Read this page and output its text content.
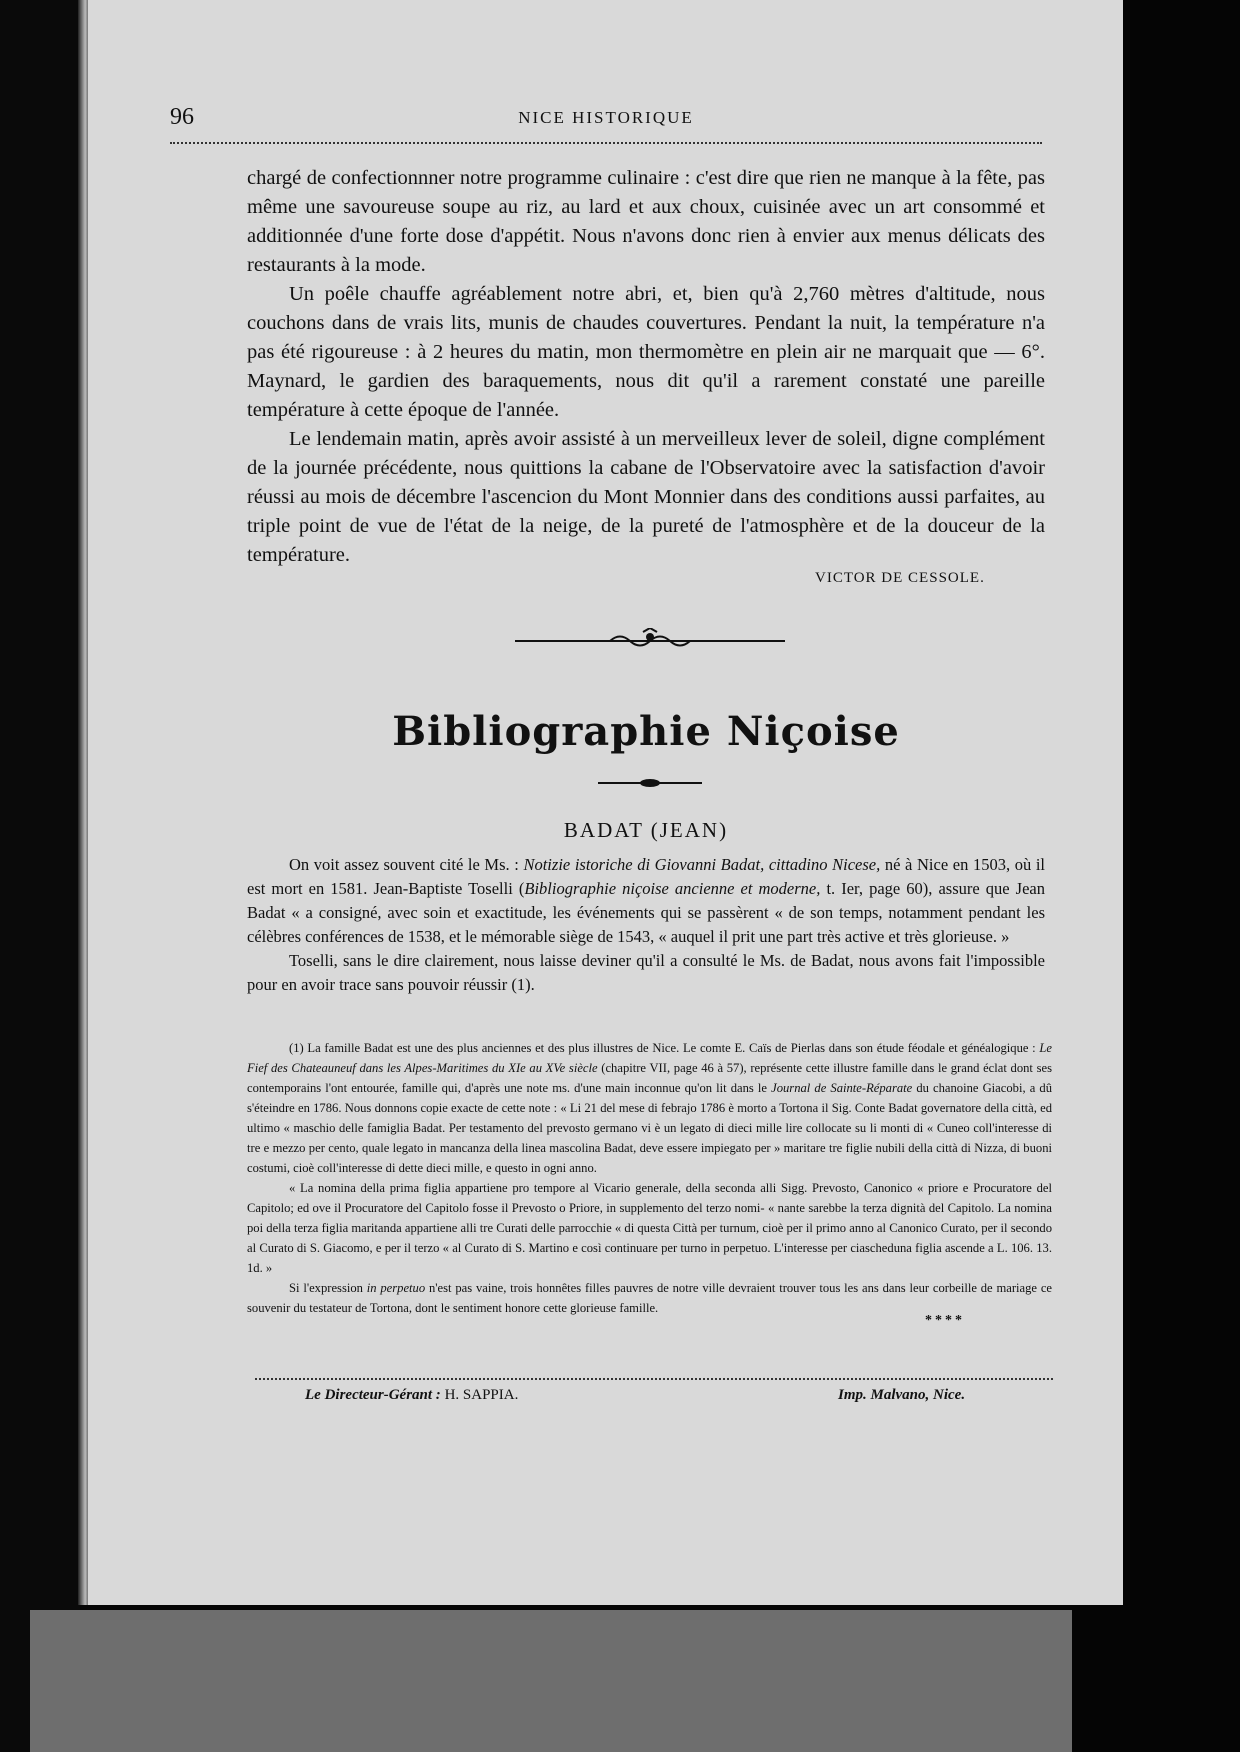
96	NICE HISTORIQUE

chargé de confectionnner notre programme culinaire : c'est dire que rien ne manque à la fête, pas même une savoureuse soupe au riz, au lard et aux choux, cuisinée avec un art consommé et additionnée d'une forte dose d'appétit. Nous n'avons donc rien à envier aux menus délicats des restaurants à la mode.

Un poêle chauffe agréablement notre abri, et, bien qu'à 2,760 mètres d'altitude, nous couchons dans de vrais lits, munis de chaudes couvertures. Pendant la nuit, la température n'a pas été rigoureuse : à 2 heures du matin, mon thermomètre en plein air ne marquait que — 6°. Maynard, le gardien des baraquements, nous dit qu'il a rarement constaté une pareille température à cette époque de l'année.

Le lendemain matin, après avoir assisté à un merveilleux lever de soleil, digne complément de la journée précédente, nous quittions la cabane de l'Observatoire avec la satisfaction d'avoir réussi au mois de décembre l'ascencion du Mont Monnier dans des conditions aussi parfaites, au triple point de vue de l'état de la neige, de la pureté de l'atmosphère et de la douceur de la température.

VICTOR DE CESSOLE.
Bibliographie Niçoise
BADAT (JEAN)

On voit assez souvent cité le Ms. : Notizie istoriche di Giovanni Badat, cittadino Nicese, né à Nice en 1503, où il est mort en 1581. Jean-Baptiste Toselli (Bibliographie niçoise ancienne et moderne, t. Ier, page 60), assure que Jean Badat « a consigné, avec soin et exactitude, les événements qui se passèrent « de son temps, notamment pendant les célèbres conférences de 1538, et le mémorable siège de 1543, « auquel il prit une part très active et très glorieuse. »

Toselli, sans le dire clairement, nous laisse deviner qu'il a consulté le Ms. de Badat, nous avons fait l'impossible pour en avoir trace sans pouvoir réussir (1).

(1) La famille Badat est une des plus anciennes et des plus illustres de Nice. Le comte E. Caïs de Pierlas dans son étude féodale et généalogique : Le Fief des Chateauneuf dans les Alpes-Maritimes du XIe au XVe siècle (chapitre VII, page 46 à 57), représente cette illustre famille dans le grand éclat dont ses contemporains l'ont entourée, famille qui, d'après une note ms. d'une main inconnue qu'on lit dans le Journal de Sainte-Réparate du chanoine Giacobi, a dû s'éteindre en 1786. Nous donnons copie exacte de cette note : « Li 21 del mese di febrajo 1786 è morto a Tortona il Sig. Conte Badat governatore della città, ed ultimo « maschio delle famiglia Badat. Per testamento del prevosto germano vi è un legato di dieci mille lire collocate su li monti di « Cuneo coll'interesse di tre e mezzo per cento, quale legato in mancanza della linea mascolina Badat, deve essere impiegato per » maritare tre figlie nubili della città di Nizza, di buoni costumi, cioè coll'interesse di dette dieci mille, e questo in ogni anno.

« La nomina della prima figlia appartiene pro tempore al Vicario generale, della seconda alli Sigg. Prevosto, Canonico « priore e Procuratore del Capitolo; ed ove il Procuratore del Capitolo fosse il Prevosto o Priore, in supplemento del terzo nomi- « nante sarebbe la terza dignità del Capitolo. La nomina poi della terza figlia maritanda appartiene alli tre Curati delle parrocchie « di questa Città per turnum, cioè per il primo anno al Canonico Curato, per il secondo al Curato di S. Giacomo, e per il terzo « al Curato di S. Martino e così continuare per turno in perpetuo. L'interesse per ciascheduna figlia ascende a L. 106. 13. 1d. »

Si l'expression in perpetuo n'est pas vaine, trois honnêtes filles pauvres de notre ville devraient trouver tous les ans dans leur corbeille de mariage ce souvenir du testateur de Tortona, dont le sentiment honore cette glorieuse famille.

****
Le Directeur-Gérant : H. SAPPIA.	Imp. Malvano, Nice.
